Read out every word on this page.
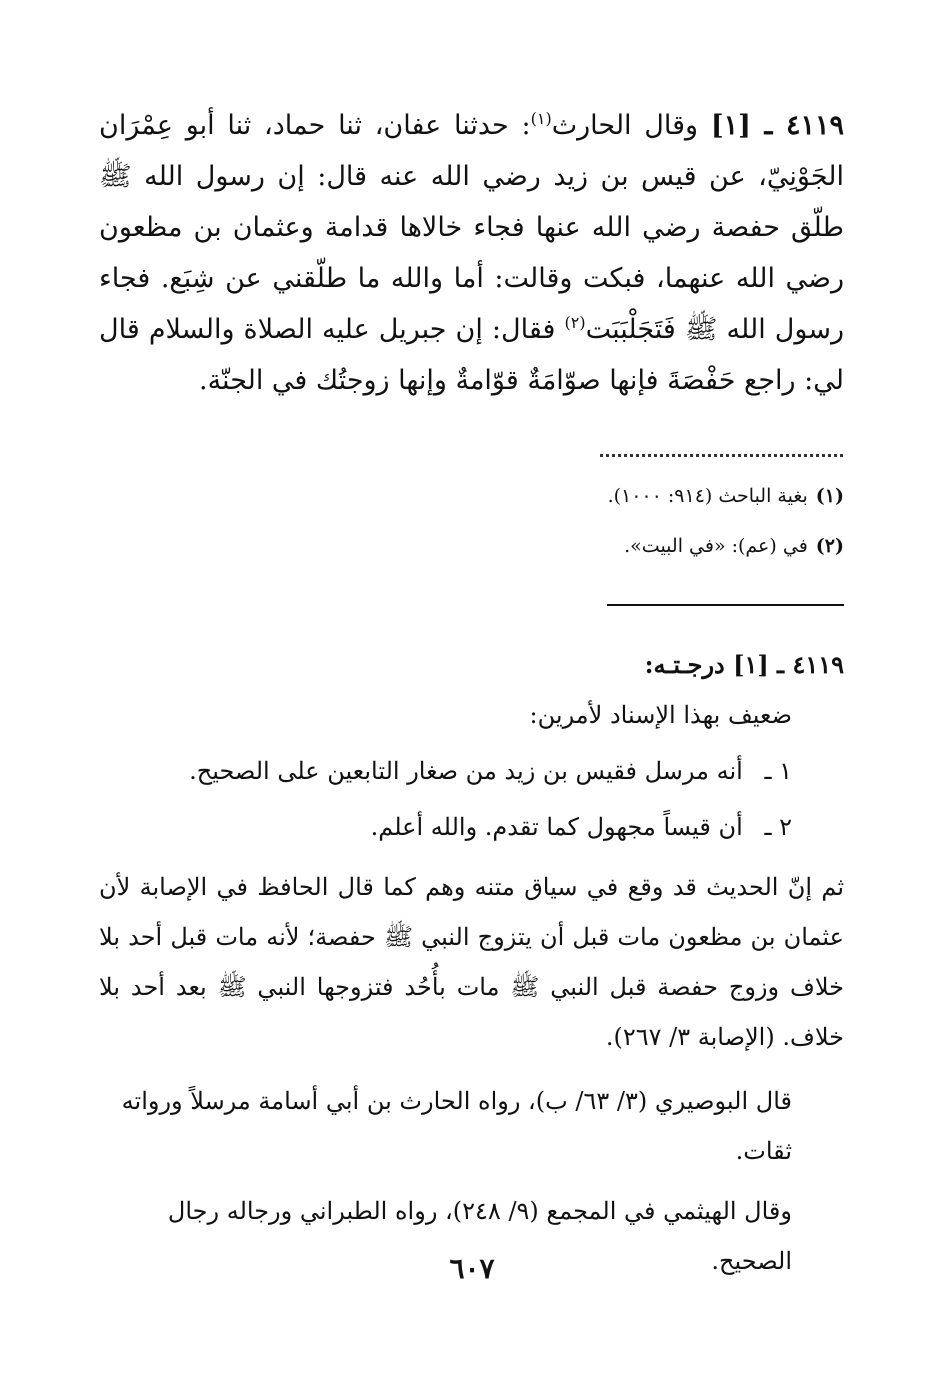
٤١١٩ ـ [١] وقال الحارث$^{(١)}$: حدثنا عفان، ثنا حماد، ثنا أبو عِمْرَان الجَوْنِيّ، عن قيس بن زيد رضي الله عنه قال: إن رسول الله ﷺ طلّق حفصة رضي الله عنها فجاء خالاها قدامة وعثمان بن مظعون رضي الله عنهما، فبكت وقالت: أما والله ما طلّقني عن شِبَع. فجاء رسول الله ﷺ فَتَجَلْبَبَت$^{(٢)}$ فقال: إن جبريل عليه الصلاة والسلام قال لي: راجع حَفْصَةَ فإنها صوّامَةٌ قوّامةٌ وإنها زوجتُك في الجنّة.

(١)بغية الباحث (٩١٤: ١٠٠٠).

(٢)في (عم): «في البيت».

٤١١٩ ـ [١] درجـتـه:

ضعيف بهذا الإسناد لأمرين:

١ ـ أنه مرسل فقيس بن زيد من صغار التابعين على الصحيح.

٢ ـ أن قيساً مجهول كما تقدم. والله أعلم.

ثم إنّ الحديث قد وقع في سياق متنه وهم كما قال الحافظ في الإصابة لأن عثمان بن مظعون مات قبل أن يتزوج النبي ﷺ حفصة؛ لأنه مات قبل أحد بلا خلاف وزوج حفصة قبل النبي ﷺ مات بأُحُد فتزوجها النبي ﷺ بعد أحد بلا خلاف. (الإصابة ٣/ ٢٦٧).

قال البوصيري (٣/ ٦٣/ ب)، رواه الحارث بن أبي أسامة مرسلاً ورواته ثقات.

وقال الهيثمي في المجمع (٩/ ٢٤٨)، رواه الطبراني ورجاله رجال الصحيح.

٦٠٧
